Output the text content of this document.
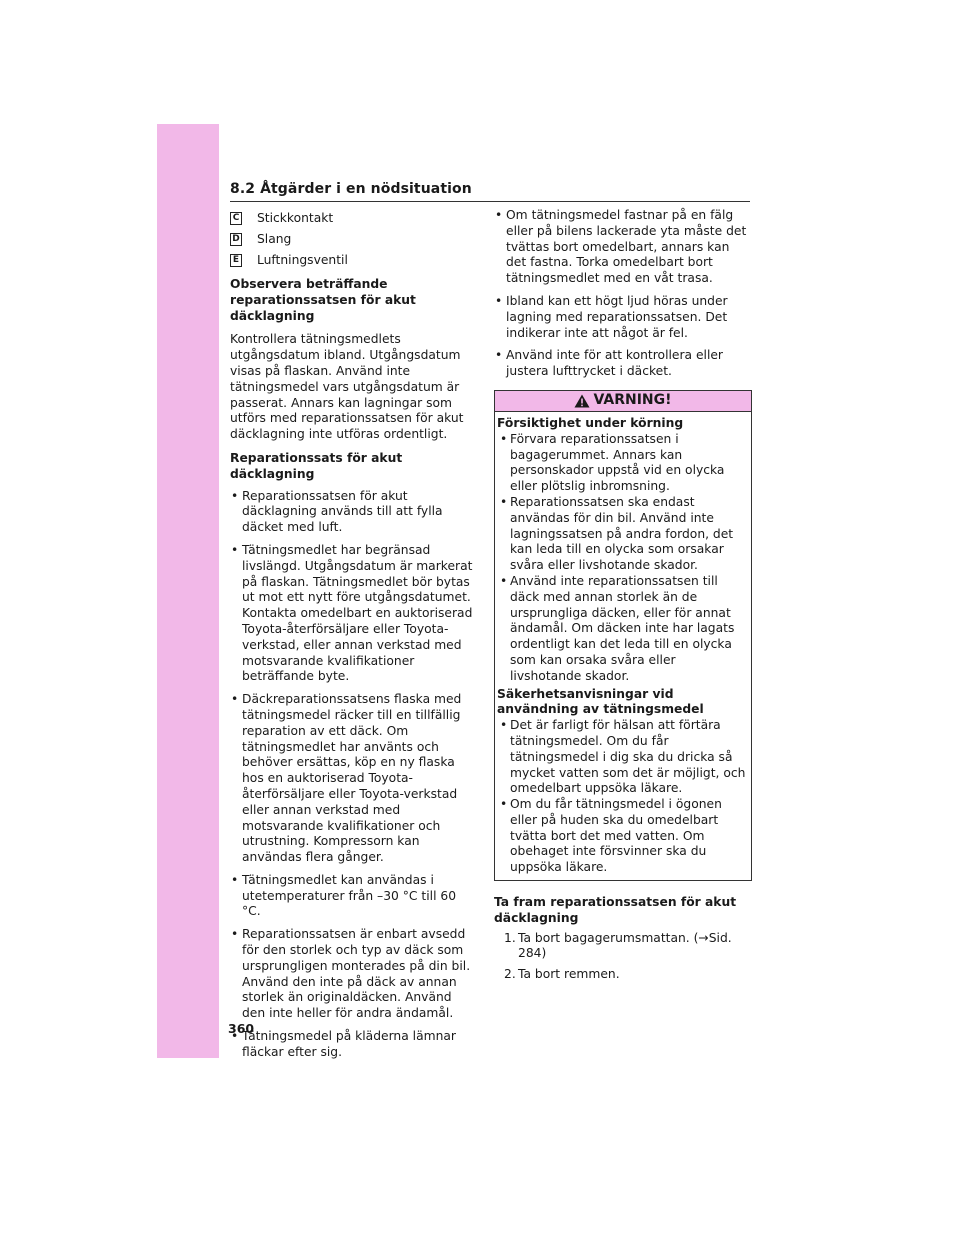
8.2 Åtgärder i en nödsituation
C Stickkontakt
D Slang
E Luftningsventil
Observera beträffande reparationssatsen för akut däcklagning

Kontrollera tätningsmedlets utgångsdatum ibland. Utgångsdatum visas på flaskan. Använd inte tätningsmedel vars utgångsdatum är passerat. Annars kan lagningar som utförs med reparationssatsen för akut däcklagning inte utföras ordentligt.

Reparationssats för akut däcklagning
• Reparationssatsen för akut däcklagning används till att fylla däcket med luft.
• Tätningsmedlet har begränsad livslängd. Utgångsdatum är markerat på flaskan. Tätningsmedlet bör bytas ut mot ett nytt före utgångsdatumet. Kontakta omedelbart en auktoriserad Toyota-återförsäljare eller Toyota-verkstad, eller annan verkstad med motsvarande kvalifikationer beträffande byte.
• Däckreparationssatsens flaska med tätningsmedel räcker till en tillfällig reparation av ett däck. Om tätningsmedlet har använts och behöver ersättas, köp en ny flaska hos en auktoriserad Toyota-återförsäljare eller Toyota-verkstad eller annan verkstad med motsvarande kvalifikationer och utrustning. Kompressorn kan användas flera gånger.
• Tätningsmedlet kan användas i utetemperaturer från –30 °C till 60 °C.
• Reparationssatsen är enbart avsedd för den storlek och typ av däck som ursprungligen monterades på din bil. Använd den inte på däck av annan storlek än originaldäcken. Använd den inte heller för andra ändamål.
• Tätningsmedel på kläderna lämnar fläckar efter sig.
• Om tätningsmedel fastnar på en fälg eller på bilens lackerade yta måste det tvättas bort omedelbart, annars kan det fastna. Torka omedelbart bort tätningsmedlet med en våt trasa.
• Ibland kan ett högt ljud höras under lagning med reparationssatsen. Det indikerar inte att något är fel.
• Använd inte för att kontrollera eller justera lufttrycket i däcket.
VARNING!
Försiktighet under körning
• Förvara reparationssatsen i bagagerummet. Annars kan personskador uppstå vid en olycka eller plötslig inbromsning.
• Reparationssatsen ska endast användas för din bil. Använd inte lagningssatsen på andra fordon, det kan leda till en olycka som orsakar svåra eller livshotande skador.
• Använd inte reparationssatsen till däck med annan storlek än de ursprungliga däcken, eller för annat ändamål. Om däcken inte har lagats ordentligt kan det leda till en olycka som kan orsaka svåra eller livshotande skador.
Säkerhetsanvisningar vid användning av tätningsmedel
• Det är farligt för hälsan att förtära tätningsmedel. Om du får tätningsmedel i dig ska du dricka så mycket vatten som det är möjligt, och omedelbart uppsöka läkare.
• Om du får tätningsmedel i ögonen eller på huden ska du omedelbart tvätta bort det med vatten. Om obehaget inte försvinner ska du uppsöka läkare.
Ta fram reparationssatsen för akut däcklagning
1. Ta bort bagagerumsmattan. (→Sid. 284)
2. Ta bort remmen.
360
